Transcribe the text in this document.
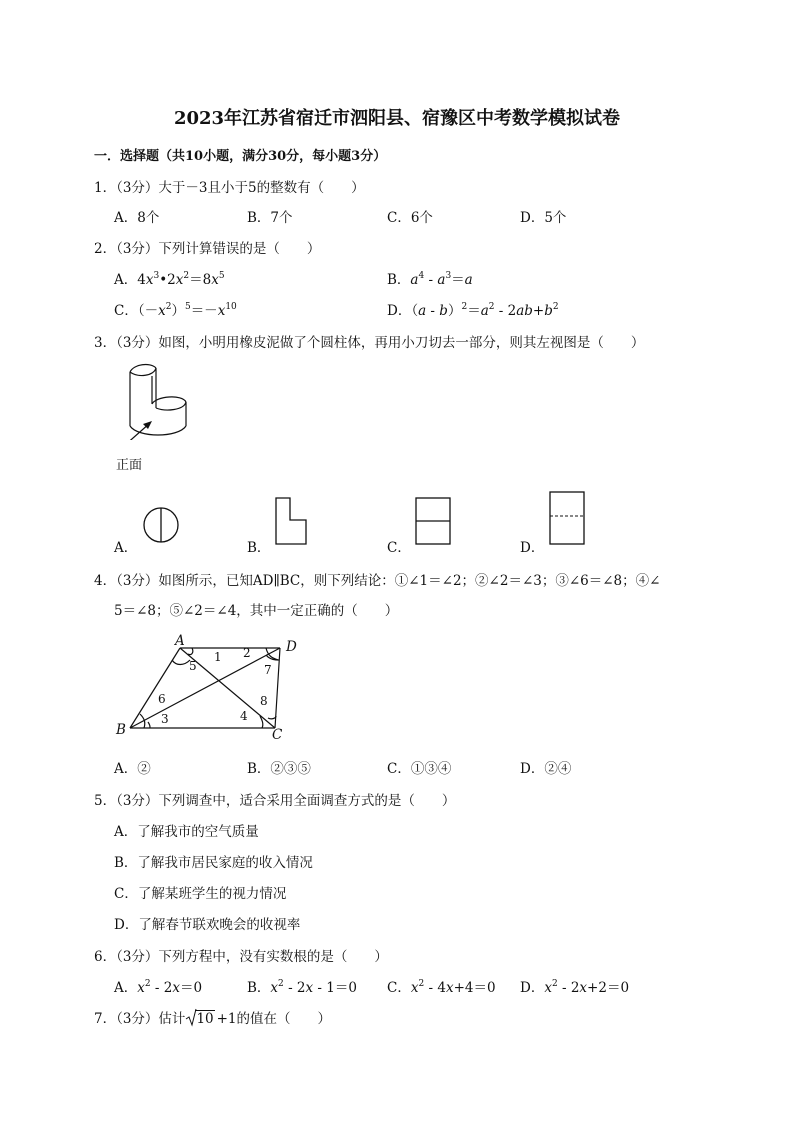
2023年江苏省宿迁市泗阳县、宿豫区中考数学模拟试卷
一．选择题（共10小题，满分30分，每小题3分）
1．（3分）大于－3且小于5的整数有（　　）
A．8个	B．7个	C．6个	D．5个
2．（3分）下列计算错误的是（　　）
A．$4x^3•2x^2=8x^5$	B．$a^4 - a^3=a$
C．$(-x^2)^5=-x^{10}$	D．$(a - b)^2=a^2 - 2ab+b^2$
3．（3分）如图，小明用橡皮泥做了个圆柱体，再用小刀切去一部分，则其左视图是（　　）
正面
A．	B．	C．	D．
4．（3分）如图所示，已知AD∥BC，则下列结论：①∠1＝∠2；②∠2＝∠3；③∠6＝∠8；④∠
5＝∠8；⑤∠2＝∠4，其中一定正确的（　　）
A	D
B	C
1 2
3	4
5
6
7
8
A．②	B．②③⑤	C．①③④	D．②④
5．（3分）下列调查中，适合采用全面调查方式的是（　　）
A．了解我市的空气质量
B．了解我市居民家庭的收入情况
C．了解某班学生的视力情况
D．了解春节联欢晚会的收视率
6．（3分）下列方程中，没有实数根的是（　　）
A．$x^2 - 2x=0$	B．$x^2 - 2x - 1=0$ C．$x^2 - 4x+4=0$ D．$x^2 - 2x+2=0$
7．（3分）估计 10 +1的值在（　　）
